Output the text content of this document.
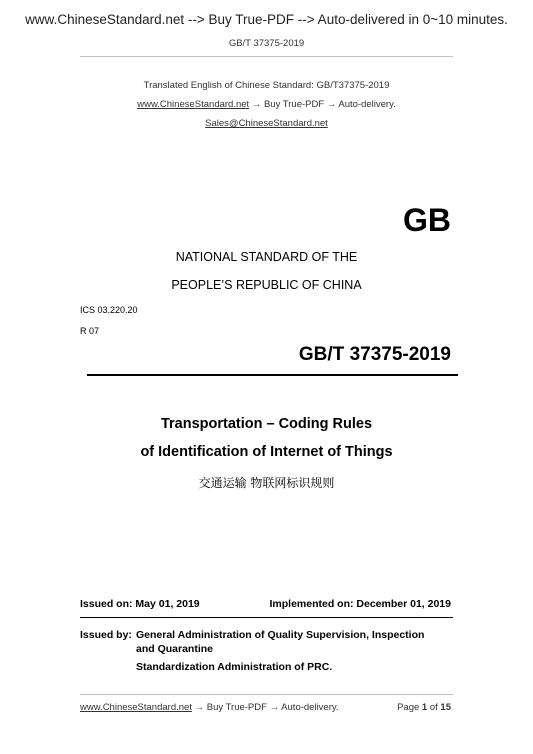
www.ChineseStandard.net --> Buy True-PDF --> Auto-delivered in 0~10 minutes.
GB/T 37375-2019
Translated English of Chinese Standard: GB/T37375-2019
www.ChineseStandard.net → Buy True-PDF → Auto-delivery.
Sales@ChineseStandard.net
GB
NATIONAL STANDARD OF THE
PEOPLE’S REPUBLIC OF CHINA
ICS 03.220.20
R 07
GB/T 37375-2019
Transportation – Coding Rules
of Identification of Internet of Things
交通运输 物联网标识规则
Issued on: May 01, 2019	Implemented on: December 01, 2019
Issued by: General Administration of Quality Supervision, Inspection
and Quarantine
Standardization Administration of PRC.
www.ChineseStandard.net → Buy True-PDF → Auto-delivery.	Page 1 of 15
